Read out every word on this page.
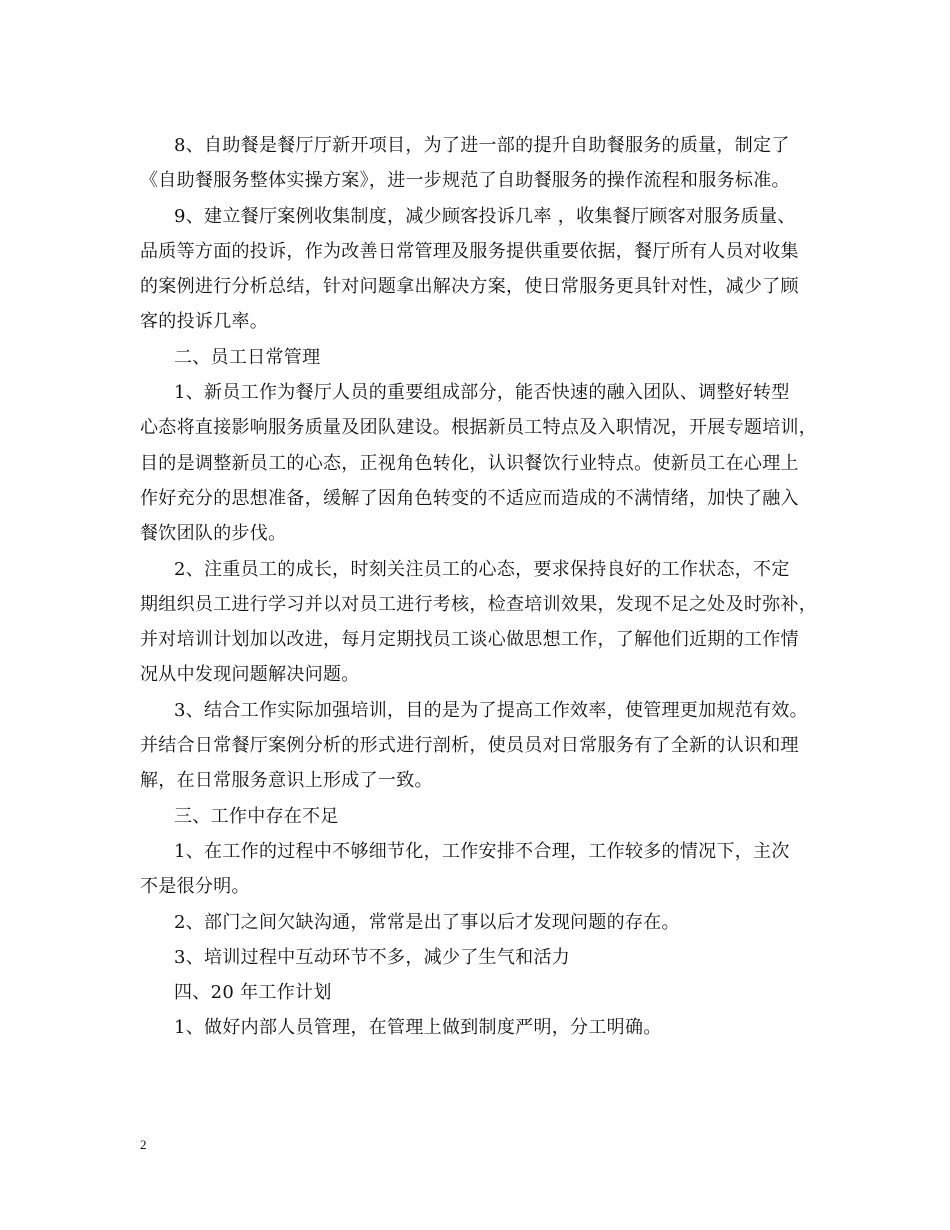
8、自助餐是餐厅厅新开项目，为了进一部的提升自助餐服务的质量，制定了
《自助餐服务整体实操方案》，进一步规范了自助餐服务的操作流程和服务标准。
9、建立餐厅案例收集制度，减少顾客投诉几率 ，收集餐厅顾客对服务质量、
品质等方面的投诉，作为改善日常管理及服务提供重要依据，餐厅所有人员对收集
的案例进行分析总结，针对问题拿出解决方案，使日常服务更具针对性，减少了顾
客的投诉几率。
二、员工日常管理
1、新员工作为餐厅人员的重要组成部分，能否快速的融入团队、调整好转型
心态将直接影响服务质量及团队建设。根据新员工特点及入职情况，开展专题培训，
目的是调整新员工的心态，正视角色转化，认识餐饮行业特点。使新员工在心理上
作好充分的思想准备，缓解了因角色转变的不适应而造成的不满情绪，加快了融入
餐饮团队的步伐。
2、注重员工的成长，时刻关注员工的心态，要求保持良好的工作状态，不定
期组织员工进行学习并以对员工进行考核，检查培训效果，发现不足之处及时弥补，
并对培训计划加以改进，每月定期找员工谈心做思想工作，了解他们近期的工作情
况从中发现问题解决问题。
3、结合工作实际加强培训，目的是为了提高工作效率，使管理更加规范有效。
并结合日常餐厅案例分析的形式进行剖析，使员员对日常服务有了全新的认识和理
解，在日常服务意识上形成了一致。
三、工作中存在不足
1、在工作的过程中不够细节化，工作安排不合理，工作较多的情况下，主次
不是很分明。
2、部门之间欠缺沟通，常常是出了事以后才发现问题的存在。
3、培训过程中互动环节不多，减少了生气和活力
四、20 年工作计划
1、做好内部人员管理，在管理上做到制度严明，分工明确。
2
